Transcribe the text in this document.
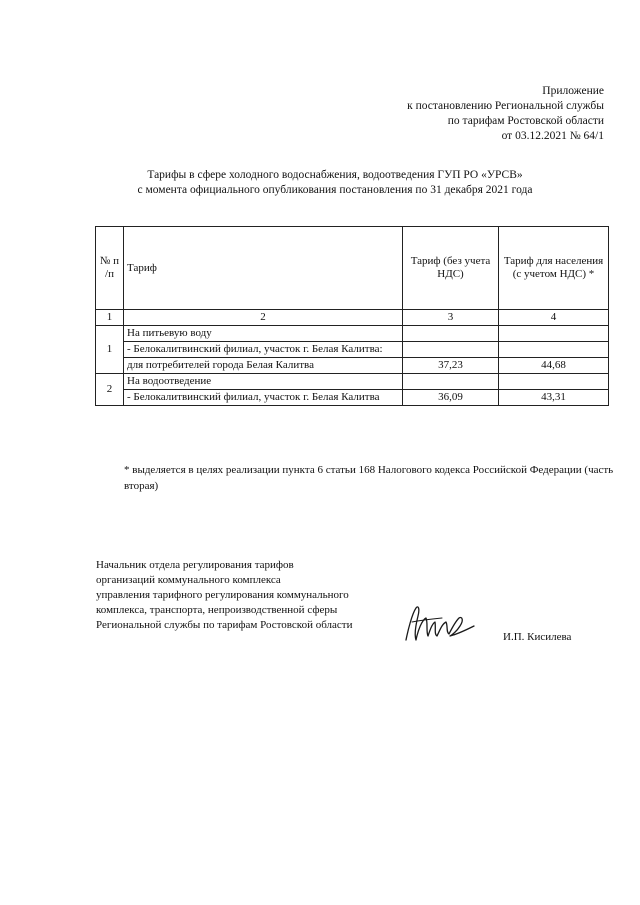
Приложение
к постановлению Региональной службы
по тарифам Ростовской области
от 03.12.2021 № 64/1
Тарифы в сфере холодного водоснабжения, водоотведения ГУП РО «УРСВ»
с момента официального опубликования постановления по 31 декабря 2021 года
№ п /п	Тариф	Тариф (без учета НДС)	Тариф для населения (с учетом НДС) *
1	2	3	4
1	На питьевую воду		
	- Белокалитвинский филиал, участок г. Белая Калитва:		
	для потребителей города Белая Калитва	37,23	44,68
2	На водоотведение		
	- Белокалитвинский филиал, участок г. Белая Калитва	36,09	43,31
* выделяется в целях реализации пункта 6 статьи 168 Налогового кодекса Российской Федерации (часть вторая)
Начальник отдела регулирования тарифов
организаций коммунального комплекса
управления тарифного регулирования коммунального
комплекса, транспорта, непроизводственной сферы
Региональной службы по тарифам Ростовской области
И.П. Кисилева
